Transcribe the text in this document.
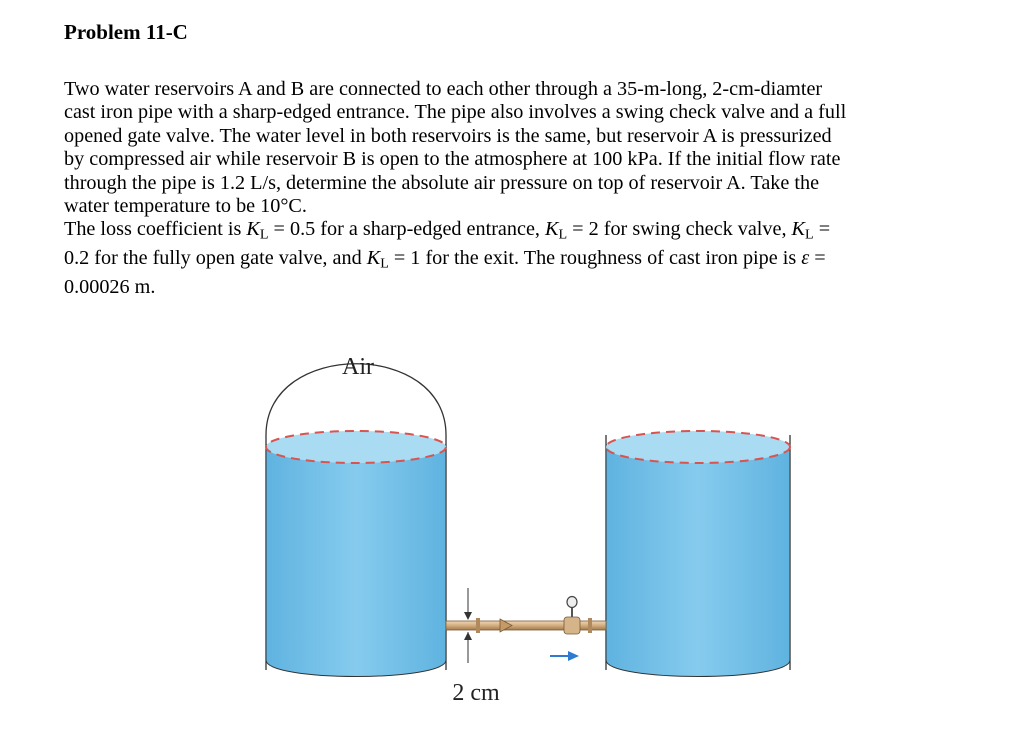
Problem 11-C
Two water reservoirs A and B are connected to each other through a 35-m-long, 2-cm-diamter
cast iron pipe with a sharp-edged entrance. The pipe also involves a swing check valve and a full
opened gate valve. The water level in both reservoirs is the same, but reservoir A is pressurized
by compressed air while reservoir B is open to the atmosphere at 100 kPa. If the initial flow rate
through the pipe is 1.2 L/s, determine the absolute air pressure on top of reservoir A. Take the
water temperature to be 10°C.
The loss coefficient is $K_L = 0.5$ for a sharp-edged entrance, $K_L = 2$ for swing check valve, $K_L$ =
0.2 for the fully open gate valve, and $K_L = 1$ for the exit. The roughness of cast iron pipe is ε =
0.00026 m.
Air
2 cm
